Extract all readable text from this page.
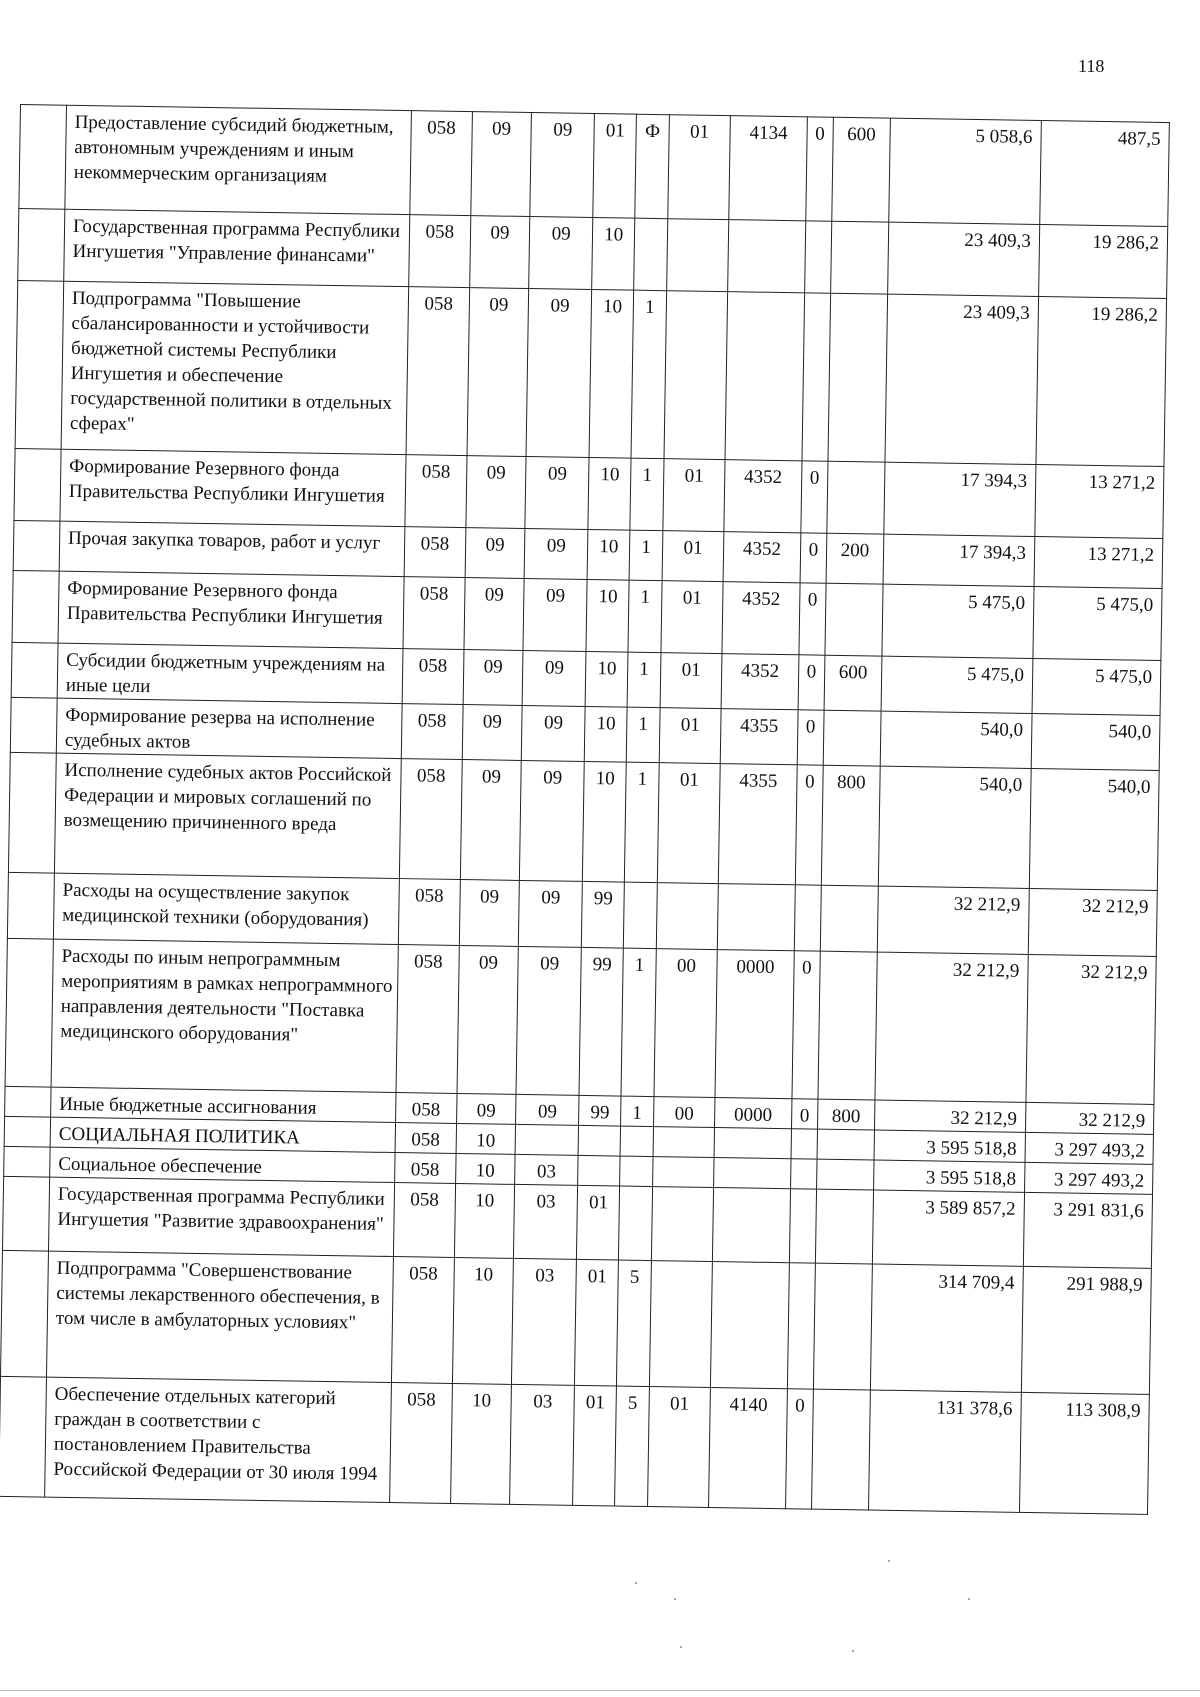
118
	Предоставление субсидий бюджетным, автономным учреждениям и иным некоммерческим организациям	058	09	09	01	Ф	01	4134	0	600	5 058,6	487,5
	Государственная программа Республики Ингушетия "Управление финансами"	058	09	09	10						23 409,3	19 286,2
	Подпрограмма "Повышение сбалансированности и устойчивости бюджетной системы Республики Ингушетия и обеспечение государственной политики в отдельных сферах"	058	09	09	10	1					23 409,3	19 286,2
	Формирование Резервного фонда Правительства Республики Ингушетия	058	09	09	10	1	01	4352	0		17 394,3	13 271,2
	Прочая закупка товаров, работ и услуг	058	09	09	10	1	01	4352	0	200	17 394,3	13 271,2
	Формирование Резервного фонда Правительства Республики Ингушетия	058	09	09	10	1	01	4352	0		5 475,0	5 475,0
	Субсидии бюджетным учреждениям на иные цели	058	09	09	10	1	01	4352	0	600	5 475,0	5 475,0
	Формирование резерва на исполнение судебных актов	058	09	09	10	1	01	4355	0		540,0	540,0
	Исполнение судебных актов Российской Федерации и мировых соглашений по возмещению причиненного вреда	058	09	09	10	1	01	4355	0	800	540,0	540,0
	Расходы на осуществление закупок медицинской техники (оборудования)	058	09	09	99						32 212,9	32 212,9
	Расходы по иным непрограммным мероприятиям в рамках непрограммного направления деятельности "Поставка медицинского оборудования"	058	09	09	99	1	00	0000	0		32 212,9	32 212,9
	Иные бюджетные ассигнования	058	09	09	99	1	00	0000	0	800	32 212,9	32 212,9
	СОЦИАЛЬНАЯ ПОЛИТИКА	058	10								3 595 518,8	3 297 493,2
	Социальное обеспечение	058	10	03							3 595 518,8	3 297 493,2
	Государственная программа Республики Ингушетия "Развитие здравоохранения"	058	10	03	01						3 589 857,2	3 291 831,6
	Подпрограмма "Совершенствование системы лекарственного обеспечения, в том числе в амбулаторных условиях"	058	10	03	01	5					314 709,4	291 988,9
	Обеспечение отдельных категорий граждан в соответствии с постановлением Правительства Российской Федерации от 30 июля 1994	058	10	03	01	5	01	4140	0		131 378,6	113 308,9
